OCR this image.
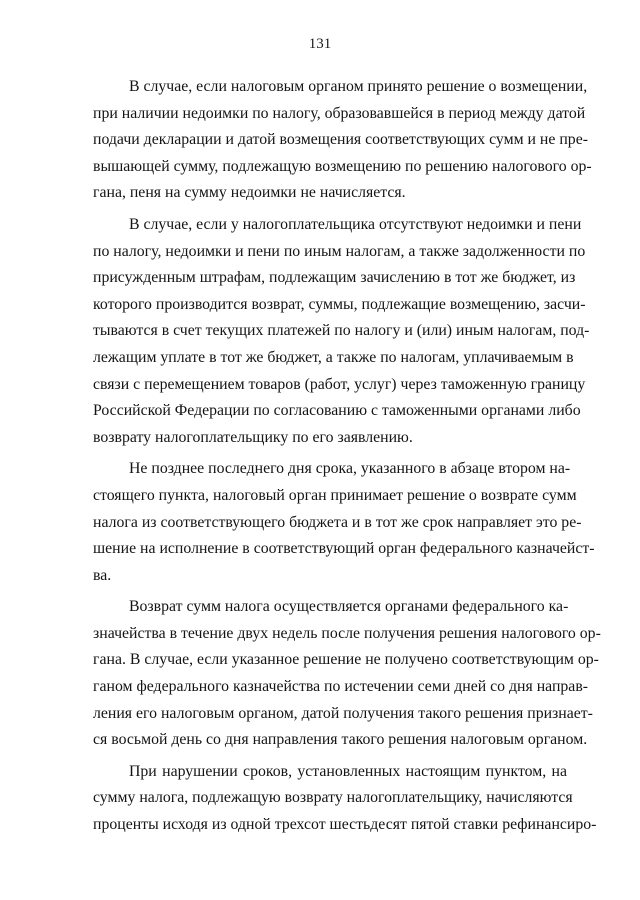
131
В случае, если налоговым органом принято решение о возмещении,
при наличии недоимки по налогу, образовавшейся в период между датой
подачи декларации и датой возмещения соответствующих сумм и не пре-
вышающей сумму, подлежащую возмещению по решению налогового ор-
гана, пеня на сумму недоимки не начисляется.
В случае, если у налогоплательщика отсутствуют недоимки и пени
по налогу, недоимки и пени по иным налогам, а также задолженности по
присужденным штрафам, подлежащим зачислению в тот же бюджет, из
которого производится возврат, суммы, подлежащие возмещению, засчи-
тываются в счет текущих платежей по налогу и (или) иным налогам, под-
лежащим уплате в тот же бюджет, а также по налогам, уплачиваемым в
связи с перемещением товаров (работ, услуг) через таможенную границу
Российской Федерации по согласованию с таможенными органами либо
возврату налогоплательщику по его заявлению.
Не позднее последнего дня срока, указанного в абзаце втором на-
стоящего пункта, налоговый орган принимает решение о возврате сумм
налога из соответствующего бюджета и в тот же срок направляет это ре-
шение на исполнение в соответствующий орган федерального казначейст-
ва.
Возврат сумм налога осуществляется органами федерального ка-
значейства в течение двух недель после получения решения налогового ор-
гана. В случае, если указанное решение не получено соответствующим ор-
ганом федерального казначейства по истечении семи дней со дня направ-
ления его налоговым органом, датой получения такого решения признает-
ся восьмой день со дня направления такого решения налоговым органом.
При нарушении сроков, установленных настоящим пунктом, на
сумму налога, подлежащую возврату налогоплательщику, начисляются
проценты исходя из одной трехсот шестьдесят пятой ставки рефинансиро-
